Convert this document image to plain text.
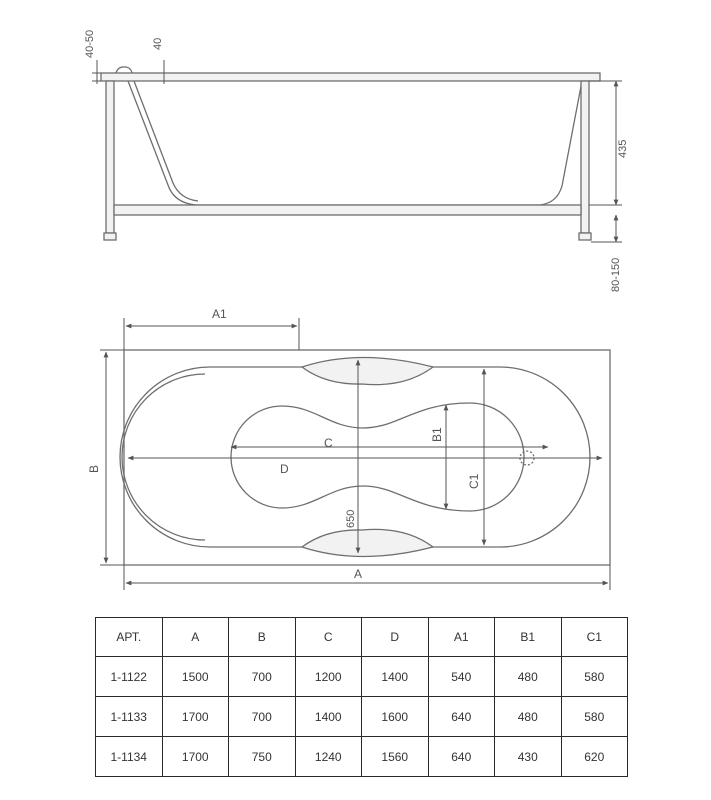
40-50	40
435
80-150
A1
B
C
D
B1
C1
650
A
АРТ.	A	B	C	D	A1	B1	C1
1-1122	1500	700	1200	1400	540	480	580
1-1133	1700	700	1400	1600	640	480	580
1-1134	1700	750	1240	1560	640	430	620
